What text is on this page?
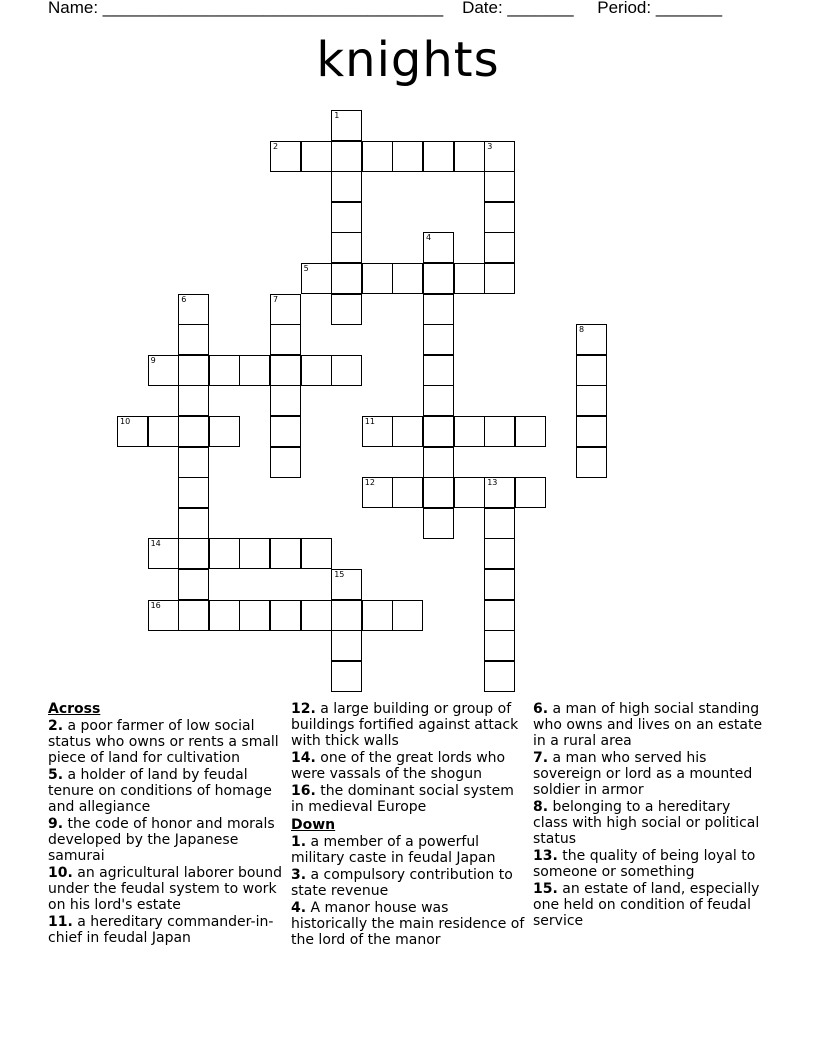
Name: ____________________________________ Date: _______ Period: _______
knights
2	3
5
9
10	11
12	13
14
16
1
4
6	7
8
15
Across
2. a poor farmer of low social status who owns or rents a small piece of land for cultivation
5. a holder of land by feudal tenure on conditions of homage and allegiance
9. the code of honor and morals developed by the Japanese samurai
10. an agricultural laborer bound under the feudal system to work on his lord's estate
11. a hereditary commander-in-chief in feudal Japan
12. a large building or group of buildings fortified against attack with thick walls
14. one of the great lords who were vassals of the shogun
16. the dominant social system in medieval Europe
Down
1. a member of a powerful military caste in feudal Japan
3. a compulsory contribution to state revenue
4. A manor house was historically the main residence of the lord of the manor
6. a man of high social standing who owns and lives on an estate in a rural area
7. a man who served his sovereign or lord as a mounted soldier in armor
8. belonging to a hereditary class with high social or political status
13. the quality of being loyal to someone or something
15. an estate of land, especially one held on condition of feudal service
